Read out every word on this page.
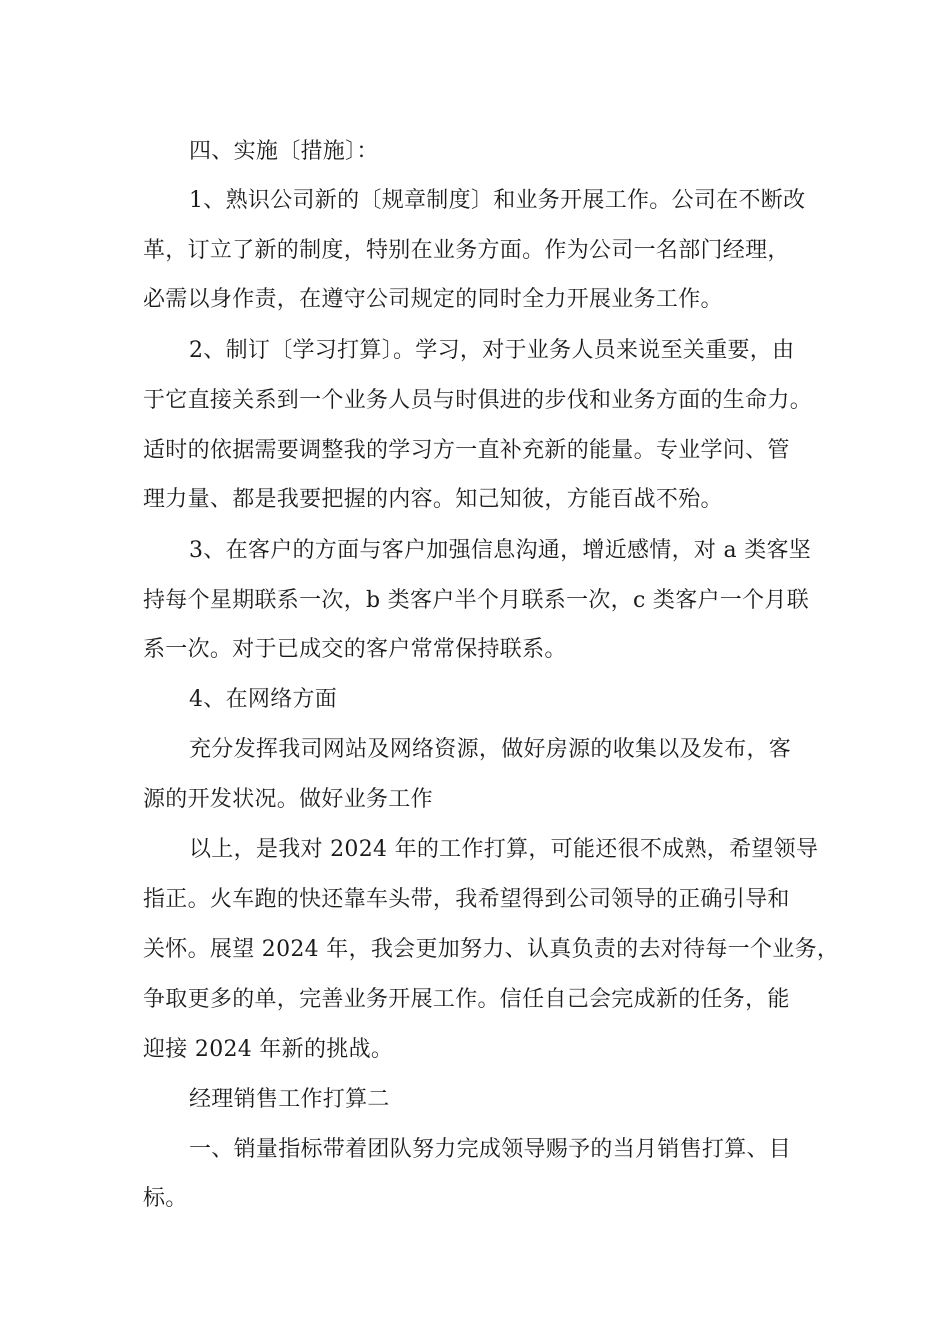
四、实施〔措施〕：
1、熟识公司新的〔规章制度〕和业务开展工作。公司在不断改
革，订立了新的制度，特别在业务方面。作为公司一名部门经理，
必需以身作责，在遵守公司规定的同时全力开展业务工作。
2、制订〔学习打算〕。学习，对于业务人员来说至关重要，由
于它直接关系到一个业务人员与时俱进的步伐和业务方面的生命力。
适时的依据需要调整我的学习方一直补充新的能量。专业学问、管
理力量、都是我要把握的内容。知己知彼，方能百战不殆。
3、在客户的方面与客户加强信息沟通，增近感情，对 a 类客坚
持每个星期联系一次，b 类客户半个月联系一次，c 类客户一个月联
系一次。对于已成交的客户常常保持联系。
4、在网络方面
充分发挥我司网站及网络资源，做好房源的收集以及发布，客
源的开发状况。做好业务工作
以上，是我对 2024 年的工作打算，可能还很不成熟，希望领导
指正。火车跑的快还靠车头带，我希望得到公司领导的正确引导和
关怀。展望 2024 年，我会更加努力、认真负责的去对待每一个业务，
争取更多的单，完善业务开展工作。信任自己会完成新的任务，能
迎接 2024 年新的挑战。
经理销售工作打算二
一、销量指标带着团队努力完成领导赐予的当月销售打算、目
标。
